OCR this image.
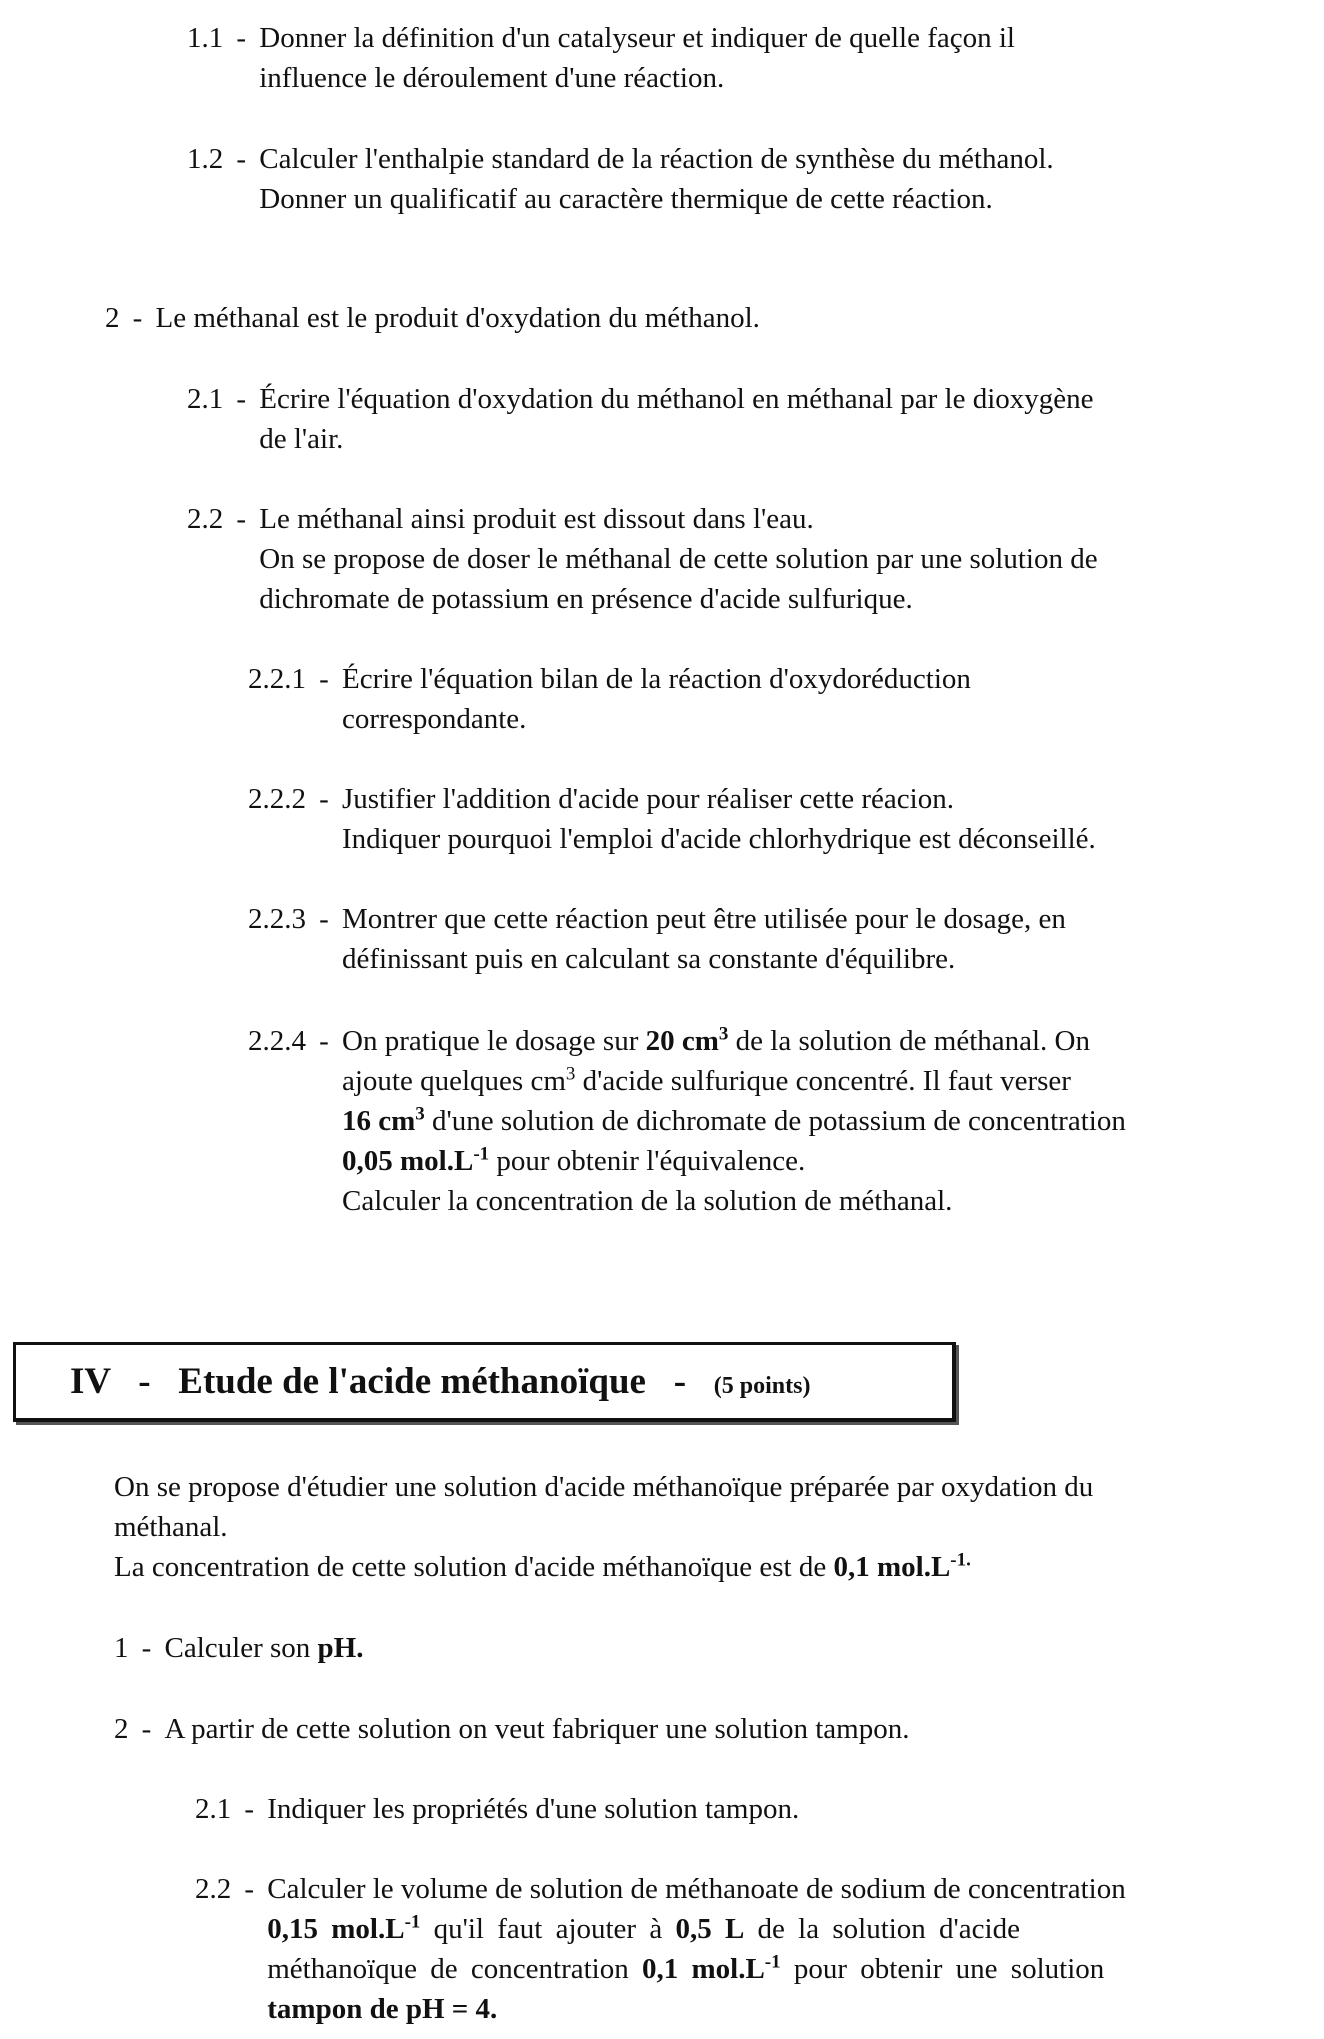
1.1 - Donner la définition d'un catalyseur et indiquer de quelle façon il

influence le déroulement d'une réaction.

1.2 - Calculer l'enthalpie standard de la réaction de synthèse du méthanol.

Donner un qualificatif au caractère thermique de cette réaction.

2 - Le méthanal est le produit d'oxydation du méthanol.

2.1 - Écrire l'équation d'oxydation du méthanol en méthanal par le dioxygène

de l'air.

2.2 - Le méthanal ainsi produit est dissout dans l'eau.

On se propose de doser le méthanal de cette solution par une solution de

dichromate de potassium en présence d'acide sulfurique.

2.2.1 - Écrire l'équation bilan de la réaction d'oxydoréduction

correspondante.

2.2.2 - Justifier l'addition d'acide pour réaliser cette réacion.

Indiquer pourquoi l'emploi d'acide chlorhydrique est déconseillé.

2.2.3 - Montrer que cette réaction peut être utilisée pour le dosage, en

définissant puis en calculant sa constante d'équilibre.

2.2.4 - On pratique le dosage sur 20 $cm^3$ de la solution de méthanal. On

ajoute quelques $cm^3$ d'acide sulfurique concentré. Il faut verser

16 $cm^3$ d'une solution de dichromate de potassium de concentration

0,05 $mol.L^{-1}$ pour obtenir l'équivalence.

Calculer la concentration de la solution de méthanal.

IV   -   Etude de l'acide méthanoïque   -   (5 points)

On se propose d'étudier une solution d'acide méthanoïque préparée par oxydation du

méthanal.

La concentration de cette solution d'acide méthanoïque est de 0,1 $mol.L^{-1.}$

1 - Calculer son pH.

2 - A partir de cette solution on veut fabriquer une solution tampon.

2.1 - Indiquer les propriétés d'une solution tampon.

2.2 - Calculer le volume de solution de méthanoate de sodium de concentration

0,15 $mol.L^{-1}$ qu'il faut ajouter à 0,5 L de la solution d'acide

méthanoïque de concentration 0,1 $mol.L^{-1}$ pour obtenir une solution

tampon de pH = 4.
